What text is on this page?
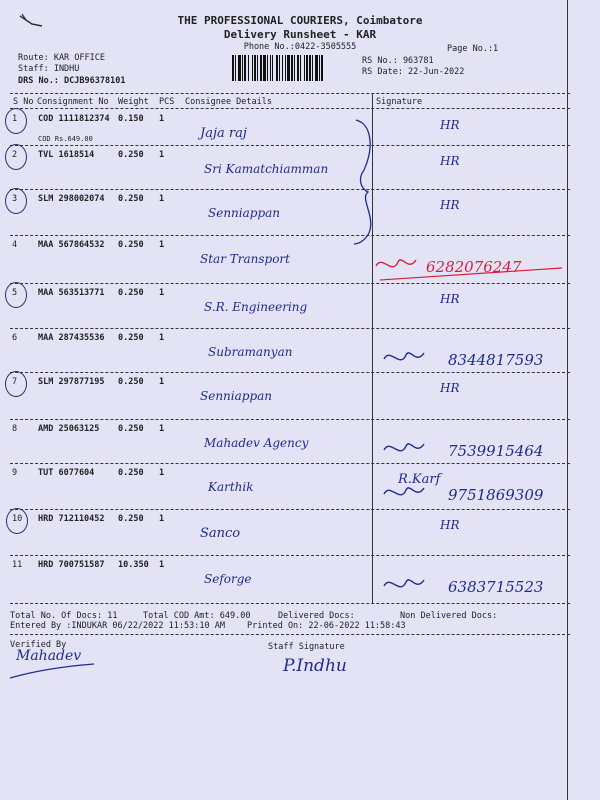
THE PROFESSIONAL COURIERS, Coimbatore
Delivery Runsheet - KAR
Phone No.:0422-3505555	Page No.:1
Route: KAR OFFICE
Staff: INDHU
DRS No.: DCJB96378101
RS No.: 963781
RS Date: 22-Jun-2022
S No Consignment No Weight PCS Consignee Details	Signature
1 COD 1111812374 0.150 1
COD Rs.649.00	Jaja raj
HR
2 TVL 1618514	0.250 1
Sri Kamatchiamman
HR
3 SLM 298002074 0.250 1
Senniappan
HR
4 MAA 567864532 0.250 1
Star Transport	6282076247
5 MAA 563513771 0.250 1
S.R. Engineering
HR
6 MAA 287435536 0.250 1
Subramanyan	8344817593
7 SLM 297877195 0.250 1
Senniappan
HR
8 AMD 25063125 0.250 1
Mahadev Agency	7539915464
9 TUT 6077604	0.250 1
Karthik	R.Karf
9751869309
10 HRD 712110452 0.250 1
Sanco
HR
11 HRD 700751587 10.350 1
Seforge	6383715523
Total No. Of Docs: 11	Total COD Amt: 649.00	Delivered Docs:	Non Delivered Docs:
Entered By :INDUKAR 06/22/2022 11:53:10 AM	Printed On: 22-06-2022 11:58:43
Verified By	Staff Signature
Mahadev	P.Indhu
